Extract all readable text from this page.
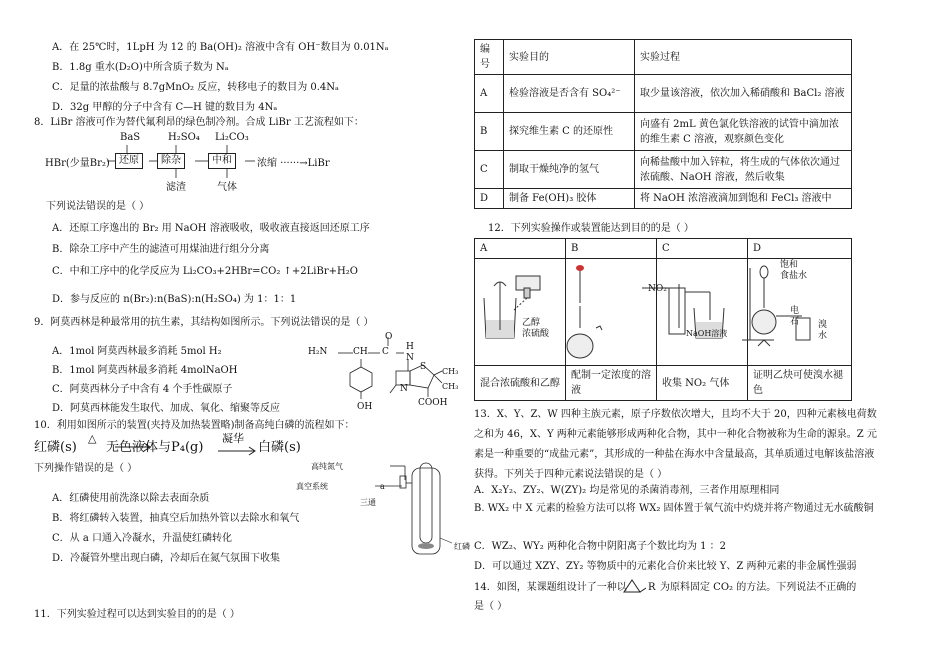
A．在 25℃时，1LpH 为 12 的 Ba(OH)₂ 溶液中含有 OH⁻数目为 0.01Nₐ
B．1.8g 重水(D₂O)中所含质子数为 Nₐ
C．足量的浓盐酸与 8.7gMnO₂ 反应，转移电子的数目为 0.4Nₐ
D．32g 甲醇的分子中含有 C—H 键的数目为 4Nₐ
8．LiBr 溶液可作为替代氟利昂的绿色制冷剂。合成 LiBr 工艺流程如下：
BaS	H₂SO₄ Li₂CO₃
HBr(少量Br₂) 还原	除杂	中和	浓缩 ······→LiBr
滤渣	气体
下列说法错误的是（ ）
A．还原工序逸出的 Br₂ 用 NaOH 溶液吸收，吸收液直接返回还原工序
B．除杂工序中产生的滤渣可用煤油进行组分分离
C．中和工序中的化学反应为 Li₂CO₃+2HBr=CO₂ ↑+2LiBr+H₂O
D．参与反应的 n(Br₂):n(BaS):n(H₂SO₄) 为 1：1：1
9．阿莫西林是种最常用的抗生素，其结构如图所示。下列说法错误的是（ ）
A．1mol 阿莫西林最多消耗 5mol H₂
B．1mol 阿莫西林最多消耗 4molNaOH
C．阿莫西林分子中含有 4 个手性碳原子
D．阿莫西林能发生取代、加成、氧化、缩聚等反应
H₂N	CH C
O
H
N
S CH₃
CH₃
COOH
OH
N
10．利用如图所示的装置(夹持及加热装置略)制备高纯白磷的流程如下：
红磷(s)
△
无色液体与P₄(g)
凝华
白磷(s)
下列操作错误的是（ ）	高纯氮气
真空系统
三通
a
红磷
A．红磷使用前洗涤以除去表面杂质
B．将红磷转入装置，抽真空后加热外管以去除水和氧气
C．从 a 口通入冷凝水，升温使红磷转化
D．冷凝管外壁出现白磷，冷却后在氮气氛围下收集
11．下列实验过程可以达到实验目的的是（ ）
编号	实验目的	实验过程
A	检验溶液是否含有 SO₄²⁻	取少量该溶液，依次加入稀硝酸和 BaCl₂ 溶液
B	探究维生素 C 的还原性	向盛有 2mL 黄色氯化铁溶液的试管中滴加浓的维生素 C 溶液，观察颜色变化
C	制取干燥纯净的氢气	向稀盐酸中加入锌粒，将生成的气体依次通过浓硫酸、NaOH 溶液，然后收集
D	制备 Fe(OH)₃ 胶体	将 NaOH 浓溶液滴加到饱和 FeCl₃ 溶液中
12．下列实验操作或装置能达到目的的是（ ）
A	B	C	D

混合浓硫酸和乙醇	配制一定浓度的溶液	收集 NO₂ 气体	证明乙炔可使溴水褪色
乙醇
浓硫酸
NO₂
NaOH溶液
饱和
食盐水
电
石 溴
水
13．X、Y、Z、W 四种主族元素，原子序数依次增大，且均不大于 20，四种元素核电荷数之和为 46，X、Y 两种元素能够形成两种化合物，其中一种化合物被称为生命的源泉。Z 元素是一种重要的“成盐元素”，其形成的一种盐在海水中含量最高，其单质通过电解该盐溶液获得。下列关于四种元素说法错误的是（ ）
A．X₂Y₂、ZY₂、W(ZY)₂ 均是常见的杀菌消毒剂，三者作用原理相同
B. WX₂ 中 X 元素的检验方法可以将 WX₂ 固体置于氧气流中灼烧并将产物通过无水硫酸铜
C．WZ₂、WY₂ 两种化合物中阴阳离子个数比均为 1 ：2
D．可以通过 XZY、ZY₂ 等物质中的元素化合价来比较 Y、Z 两种元素的非金属性强弱
14．如图，某课题组设计了一种以 R 为原料固定 CO₂ 的方法。下列说法不正确的
是（ ）
